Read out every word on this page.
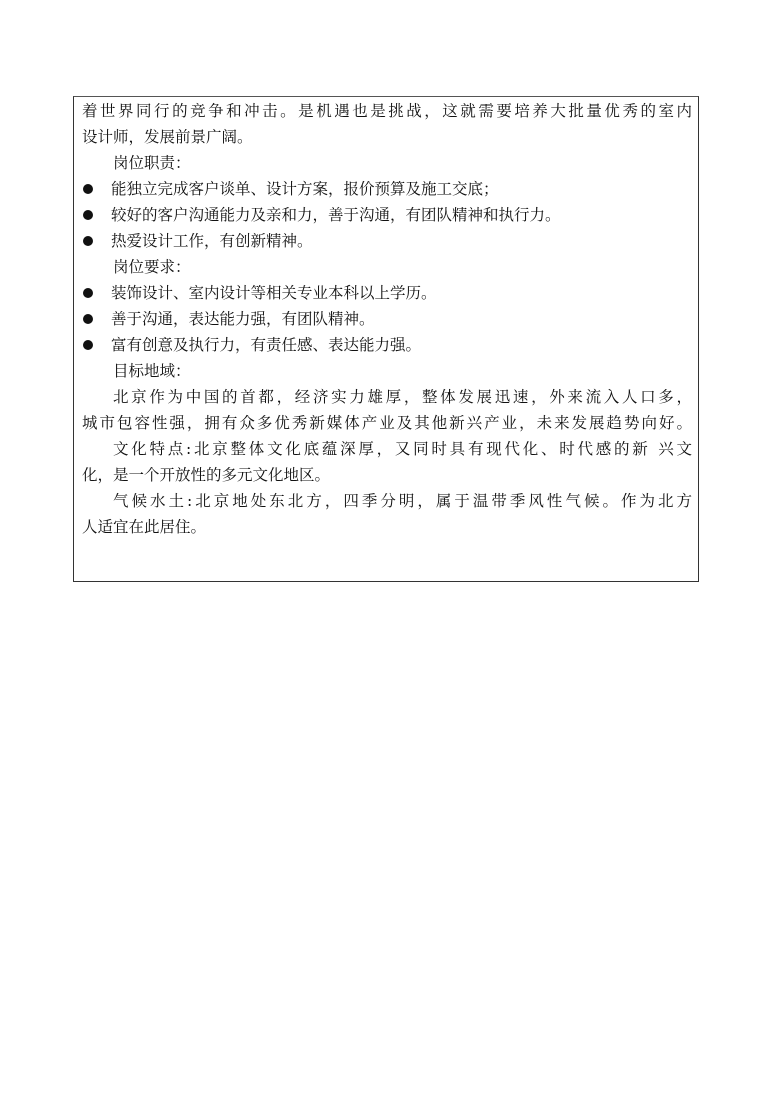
着世界同行的竞争和冲击。是机遇也是挑战，这就需要培养大批量优秀的室内
设计师，发展前景广阔。
岗位职责：
能独立完成客户谈单、设计方案，报价预算及施工交底；
较好的客户沟通能力及亲和力，善于沟通，有团队精神和执行力。
热爱设计工作，有创新精神。
岗位要求：
装饰设计、室内设计等相关专业本科以上学历。
善于沟通，表达能力强，有团队精神。
富有创意及执行力，有责任感、表达能力强。
目标地域：
北京作为中国的首都，经济实力雄厚，整体发展迅速，外来流入人口多，
城市包容性强，拥有众多优秀新媒体产业及其他新兴产业，未来发展趋势向好。
文化特点:北京整体文化底蕴深厚，又同时具有现代化、时代感的新 兴文
化，是一个开放性的多元文化地区。
气候水土:北京地处东北方，四季分明，属于温带季风性气候。作为北方
人适宜在此居住。
